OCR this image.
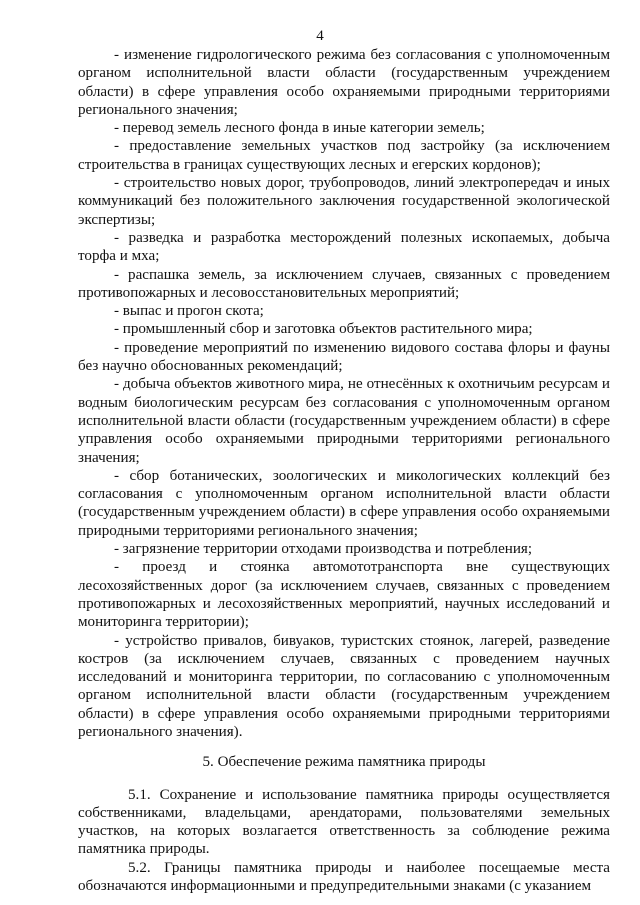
4

- изменение гидрологического режима без согласования с уполномоченным органом исполнительной власти области (государственным учреждением области) в сфере управления особо охраняемыми природными территориями регионального значения;

- перевод земель лесного фонда в иные категории земель;

- предоставление земельных участков под застройку (за исключением строительства в границах существующих лесных и егерских кордонов);

- строительство новых дорог, трубопроводов, линий электропередач и иных коммуникаций без положительного заключения государственной экологической экспертизы;

- разведка и разработка месторождений полезных ископаемых, добыча торфа и мха;

- распашка земель, за исключением случаев, связанных с проведением противопожарных и лесовосстановительных мероприятий;

- выпас и прогон скота;

- промышленный сбор и заготовка объектов растительного мира;

- проведение мероприятий по изменению видового состава флоры и фауны без научно обоснованных рекомендаций;

- добыча объектов животного мира, не отнесённых к охотничьим ресурсам и водным биологическим ресурсам без согласования с уполномоченным органом исполнительной власти области (государственным учреждением области) в сфере управления особо охраняемыми природными территориями регионального значения;

- сбор ботанических, зоологических и микологических коллекций без согласования с уполномоченным органом исполнительной власти области (государственным учреждением области) в сфере управления особо охраняемыми природными территориями регионального значения;

- загрязнение территории отходами производства и потребления;

- проезд и стоянка автомототранспорта вне существующих лесохозяйственных дорог (за исключением случаев, связанных с проведением противопожарных и лесохозяйственных мероприятий, научных исследований и мониторинга территории);

- устройство привалов, бивуаков, туристских стоянок, лагерей, разведение костров (за исключением случаев, связанных с проведением научных исследований и мониторинга территории, по согласованию с уполномоченным органом исполнительной власти области (государственным учреждением области) в сфере управления особо охраняемыми природными территориями регионального значения).

5. Обеспечение режима памятника природы

5.1. Сохранение и использование памятника природы осуществляется собственниками, владельцами, арендаторами, пользователями земельных участков, на которых возлагается ответственность за соблюдение режима памятника природы.

5.2. Границы памятника природы и наиболее посещаемые места обозначаются информационными и предупредительными знаками (с указанием
